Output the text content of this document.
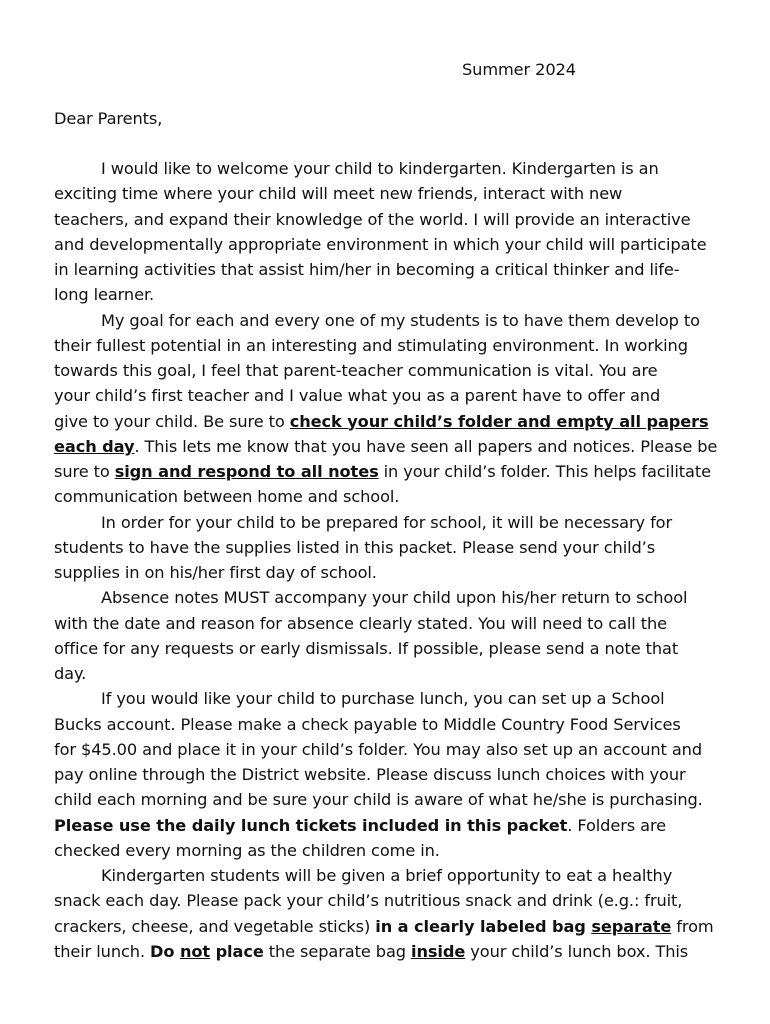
Summer 2024
Dear Parents,
I would like to welcome your child to kindergarten. Kindergarten is an
exciting time where your child will meet new friends, interact with new
teachers, and expand their knowledge of the world. I will provide an interactive
and developmentally appropriate environment in which your child will participate
in learning activities that assist him/her in becoming a critical thinker and life-
long learner.
My goal for each and every one of my students is to have them develop to
their fullest potential in an interesting and stimulating environment. In working
towards this goal, I feel that parent-teacher communication is vital. You are
your child’s first teacher and I value what you as a parent have to offer and
give to your child. Be sure to check your child’s folder and empty all papers
each day. This lets me know that you have seen all papers and notices. Please be
sure to sign and respond to all notes in your child’s folder. This helps facilitate
communication between home and school.
In order for your child to be prepared for school, it will be necessary for
students to have the supplies listed in this packet. Please send your child’s
supplies in on his/her first day of school.
Absence notes MUST accompany your child upon his/her return to school
with the date and reason for absence clearly stated. You will need to call the
office for any requests or early dismissals. If possible, please send a note that
day.
If you would like your child to purchase lunch, you can set up a School
Bucks account. Please make a check payable to Middle Country Food Services
for $45.00 and place it in your child’s folder. You may also set up an account and
pay online through the District website. Please discuss lunch choices with your
child each morning and be sure your child is aware of what he/she is purchasing.
Please use the daily lunch tickets included in this packet. Folders are
checked every morning as the children come in.
Kindergarten students will be given a brief opportunity to eat a healthy
snack each day. Please pack your child’s nutritious snack and drink (e.g.: fruit,
crackers, cheese, and vegetable sticks) in a clearly labeled bag separate from
their lunch. Do not place the separate bag inside your child’s lunch box. This
